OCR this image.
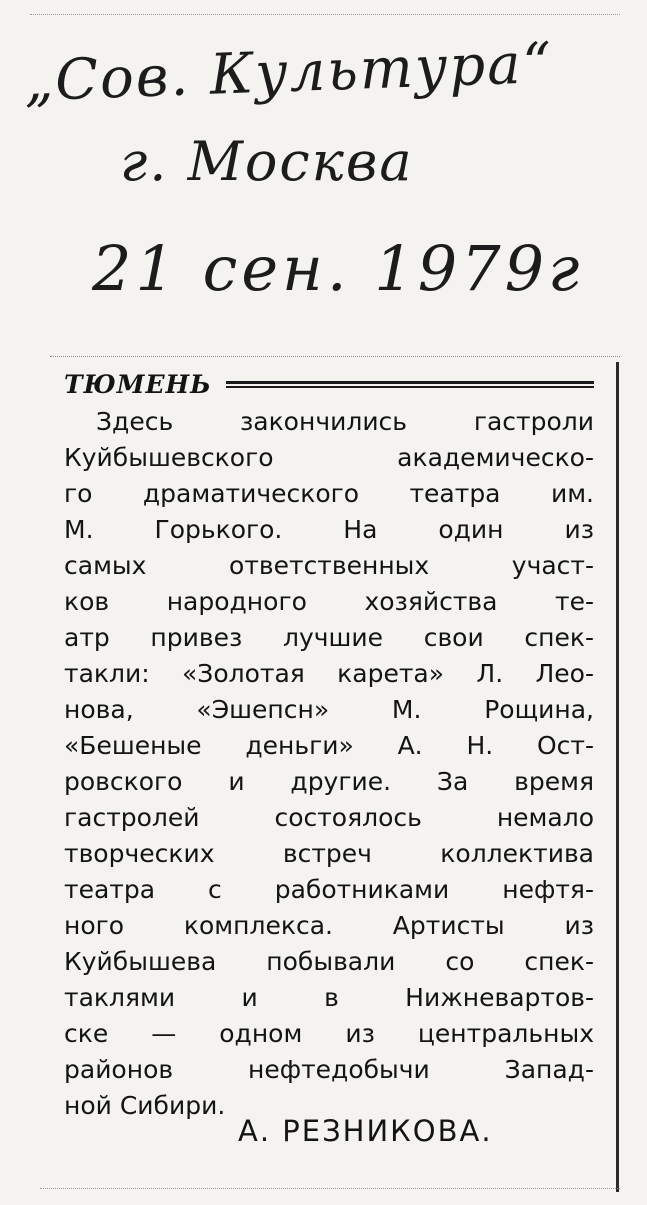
„Сов. Культура“
г. Москва
21 сен. 1979г
ТЮМЕНЬ
Здесь закончились гастроли
Куйбышевского академическо-
го драматического театра им.
М. Горького. На один из
самых ответственных участ-
ков народного хозяйства те-
атр привез лучшие свои спек-
такли: «Золотая карета» Л. Лео-
нова, «Эшепсн» М. Рощина,
«Бешеные деньги» А. Н. Ост-
ровского и другие. За время
гастролей состоялось немало
творческих встреч коллектива
театра с работниками нефтя-
ного комплекса. Артисты из
Куйбышева побывали со спек-
таклями и в Нижневартов-
ске — одном из центральных
районов нефтедобычи Запад-
ной Сибири.
А. РЕЗНИКОВА.
